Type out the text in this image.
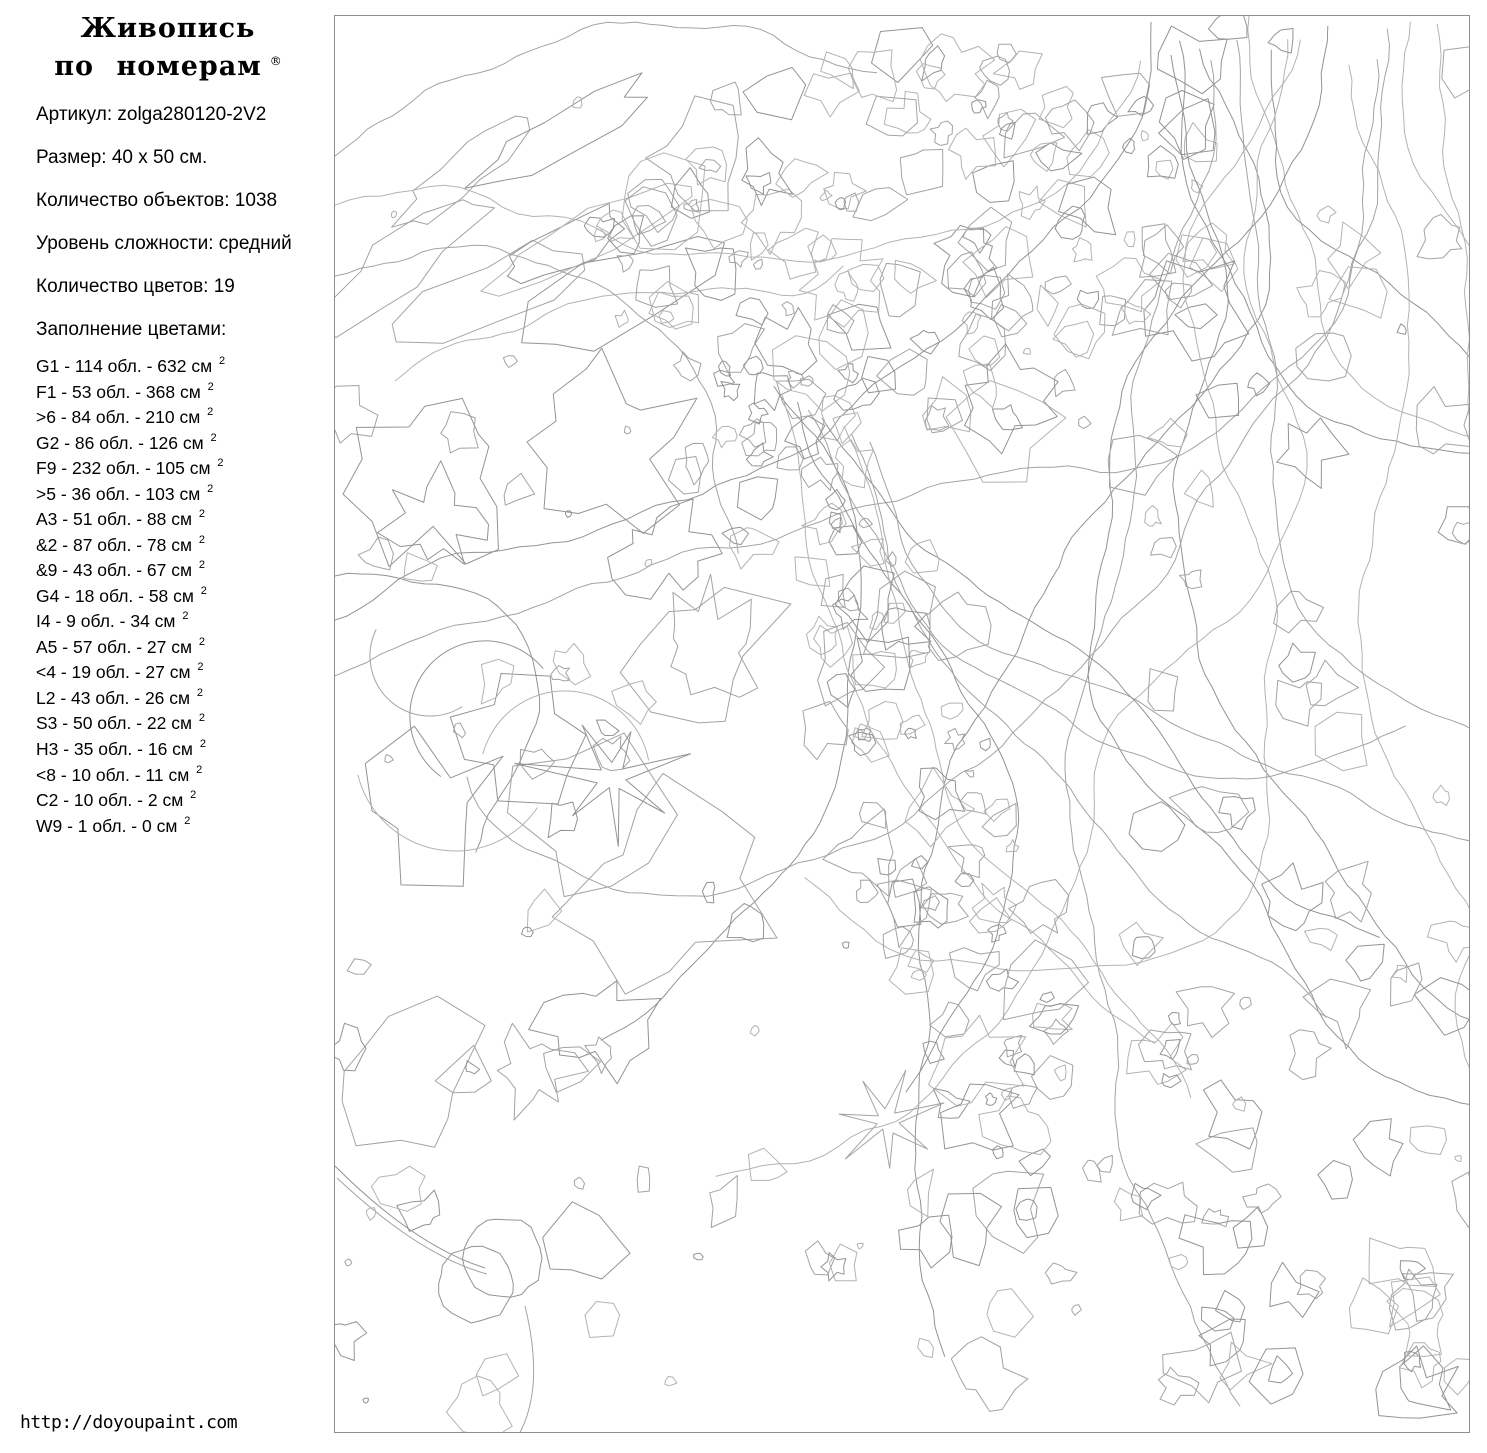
Живопись
по номерам ®

Артикул: zolga280120-2V2

Размер: 40 x 50 см.

Количество объектов: 1038

Уровень сложности: средний

Количество цветов: 19

Заполнение цветами:

G1 - 114 обл. - 632 см $^2$
F1 - 53 обл. - 368 см $^2$
>6 - 84 обл. - 210 см $^2$
G2 - 86 обл. - 126 см $^2$
F9 - 232 обл. - 105 см $^2$
>5 - 36 обл. - 103 см $^2$
A3 - 51 обл. - 88 см $^2$
&2 - 87 обл. - 78 см $^2$
&9 - 43 обл. - 67 см $^2$
G4 - 18 обл. - 58 см $^2$
I4 - 9 обл. - 34 см $^2$
A5 - 57 обл. - 27 см $^2$
<4 - 19 обл. - 27 см $^2$
L2 - 43 обл. - 26 см $^2$
S3 - 50 обл. - 22 см $^2$
H3 - 35 обл. - 16 см $^2$
<8 - 10 обл. - 11 см $^2$
C2 - 10 обл. - 2 см $^2$
W9 - 1 обл. - 0 см $^2$
http://doyoupaint.com
